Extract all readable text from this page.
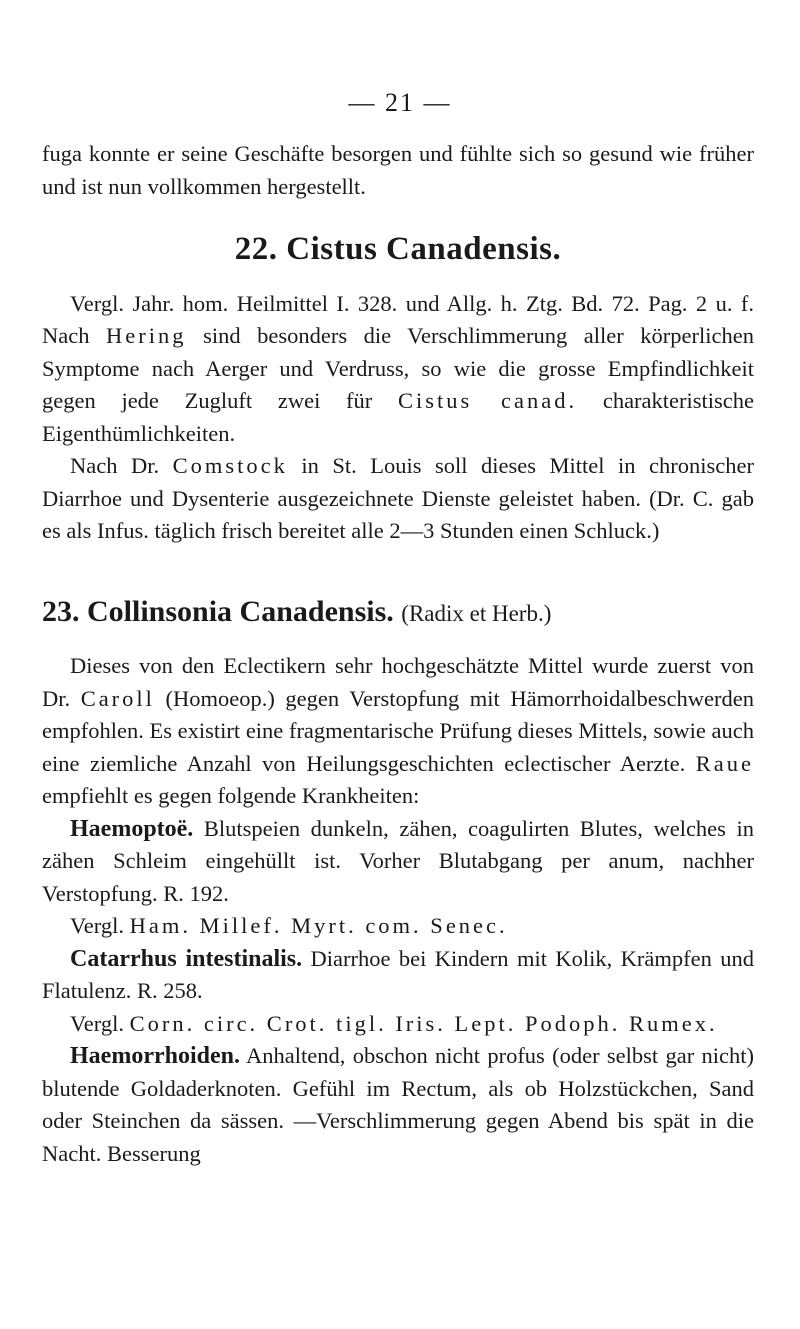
— 21 —

fuga konnte er seine Geschäfte besorgen und fühlte sich so gesund wie früher und ist nun vollkommen hergestellt.

22. Cistus Canadensis.

Vergl. Jahr. hom. Heilmittel I. 328. und Allg. h. Ztg. Bd. 72. Pag. 2 u. f. Nach Hering sind besonders die Verschlimmerung aller körperlichen Symptome nach Aerger und Verdruss, so wie die grosse Empfindlichkeit gegen jede Zugluft zwei für Cistus canad. charakteristische Eigenthümlichkeiten.

Nach Dr. Comstock in St. Louis soll dieses Mittel in chronischer Diarrhoe und Dysenterie ausgezeichnete Dienste geleistet haben. (Dr. C. gab es als Infus. täglich frisch bereitet alle 2—3 Stunden einen Schluck.)

23. Collinsonia Canadensis. (Radix et Herb.)

Dieses von den Eclectikern sehr hochgeschätzte Mittel wurde zuerst von Dr. Caroll (Homoeop.) gegen Verstopfung mit Hämorrhoidalbeschwerden empfohlen. Es existirt eine fragmentarische Prüfung dieses Mittels, sowie auch eine ziemliche Anzahl von Heilungsgeschichten eclectischer Aerzte. Raue empfiehlt es gegen folgende Krankheiten:

Haemoptoë. Blutspeien dunkeln, zähen, coagulirten Blutes, welches in zähen Schleim eingehüllt ist. Vorher Blutabgang per anum, nachher Verstopfung. R. 192.

Vergl. Ham. Millef. Myrt. com. Senec.

Catarrhus intestinalis. Diarrhoe bei Kindern mit Kolik, Krämpfen und Flatulenz. R. 258.

Vergl. Corn. circ. Crot. tigl. Iris. Lept. Podoph. Rumex.

Haemorrhoiden. Anhaltend, obschon nicht profus (oder selbst gar nicht) blutende Goldaderknoten. Gefühl im Rectum, als ob Holzstückchen, Sand oder Steinchen da sässen. —Verschlimmerung gegen Abend bis spät in die Nacht. Besserung
